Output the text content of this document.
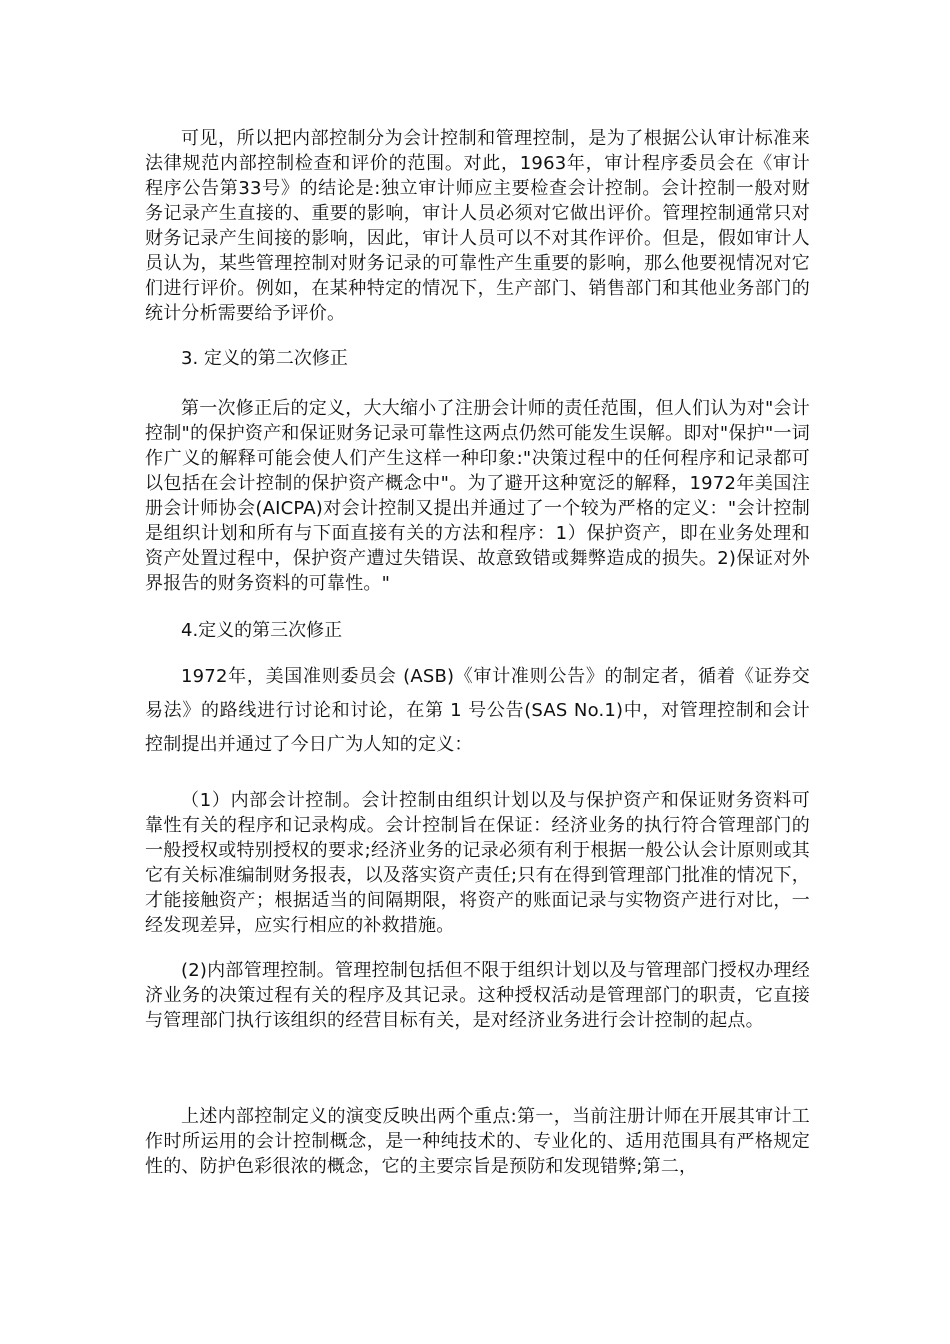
可见，所以把内部控制分为会计控制和管理控制，是为了根据公认审计标准来法律规范内部控制检查和评价的范围。对此，1963年，审计程序委员会在《审计程序公告第33号》的结论是:独立审计师应主要检查会计控制。会计控制一般对财务记录产生直接的、重要的影响，审计人员必须对它做出评价。管理控制通常只对财务记录产生间接的影响，因此，审计人员可以不对其作评价。但是，假如审计人员认为，某些管理控制对财务记录的可靠性产生重要的影响，那么他要视情况对它们进行评价。例如，在某种特定的情况下，生产部门、销售部门和其他业务部门的统计分析需要给予评价。

3. 定义的第二次修正

第一次修正后的定义，大大缩小了注册会计师的责任范围，但人们认为对"会计控制"的保护资产和保证财务记录可靠性这两点仍然可能发生误解。即对"保护"一词作广义的解释可能会使人们产生这样一种印象:"决策过程中的任何程序和记录都可以包括在会计控制的保护资产概念中"。为了避开这种宽泛的解释，1972年美国注册会计师协会(AICPA)对会计控制又提出并通过了一个较为严格的定义："会计控制是组织计划和所有与下面直接有关的方法和程序：1）保护资产，即在业务处理和资产处置过程中，保护资产遭过失错误、故意致错或舞弊造成的损失。2)保证对外界报告的财务资料的可靠性。"

4.定义的第三次修正

1972年，美国准则委员会 (ASB)《审计准则公告》的制定者，循着《证券交易法》的路线进行讨论和讨论，在第 1 号公告(SAS No.1)中，对管理控制和会计控制提出并通过了今日广为人知的定义：

（1）内部会计控制。会计控制由组织计划以及与保护资产和保证财务资料可靠性有关的程序和记录构成。会计控制旨在保证：经济业务的执行符合管理部门的一般授权或特别授权的要求;经济业务的记录必须有利于根据一般公认会计原则或其它有关标准编制财务报表，以及落实资产责任;只有在得到管理部门批准的情况下，才能接触资产；根据适当的间隔期限，将资产的账面记录与实物资产进行对比，一经发现差异，应实行相应的补救措施。

(2)内部管理控制。管理控制包括但不限于组织计划以及与管理部门授权办理经济业务的决策过程有关的程序及其记录。这种授权活动是管理部门的职责，它直接与管理部门执行该组织的经营目标有关，是对经济业务进行会计控制的起点。

上述内部控制定义的演变反映出两个重点:第一，当前注册计师在开展其审计工作时所运用的会计控制概念，是一种纯技术的、专业化的、适用范围具有严格规定性的、防护色彩很浓的概念，它的主要宗旨是预防和发现错弊;第二，
